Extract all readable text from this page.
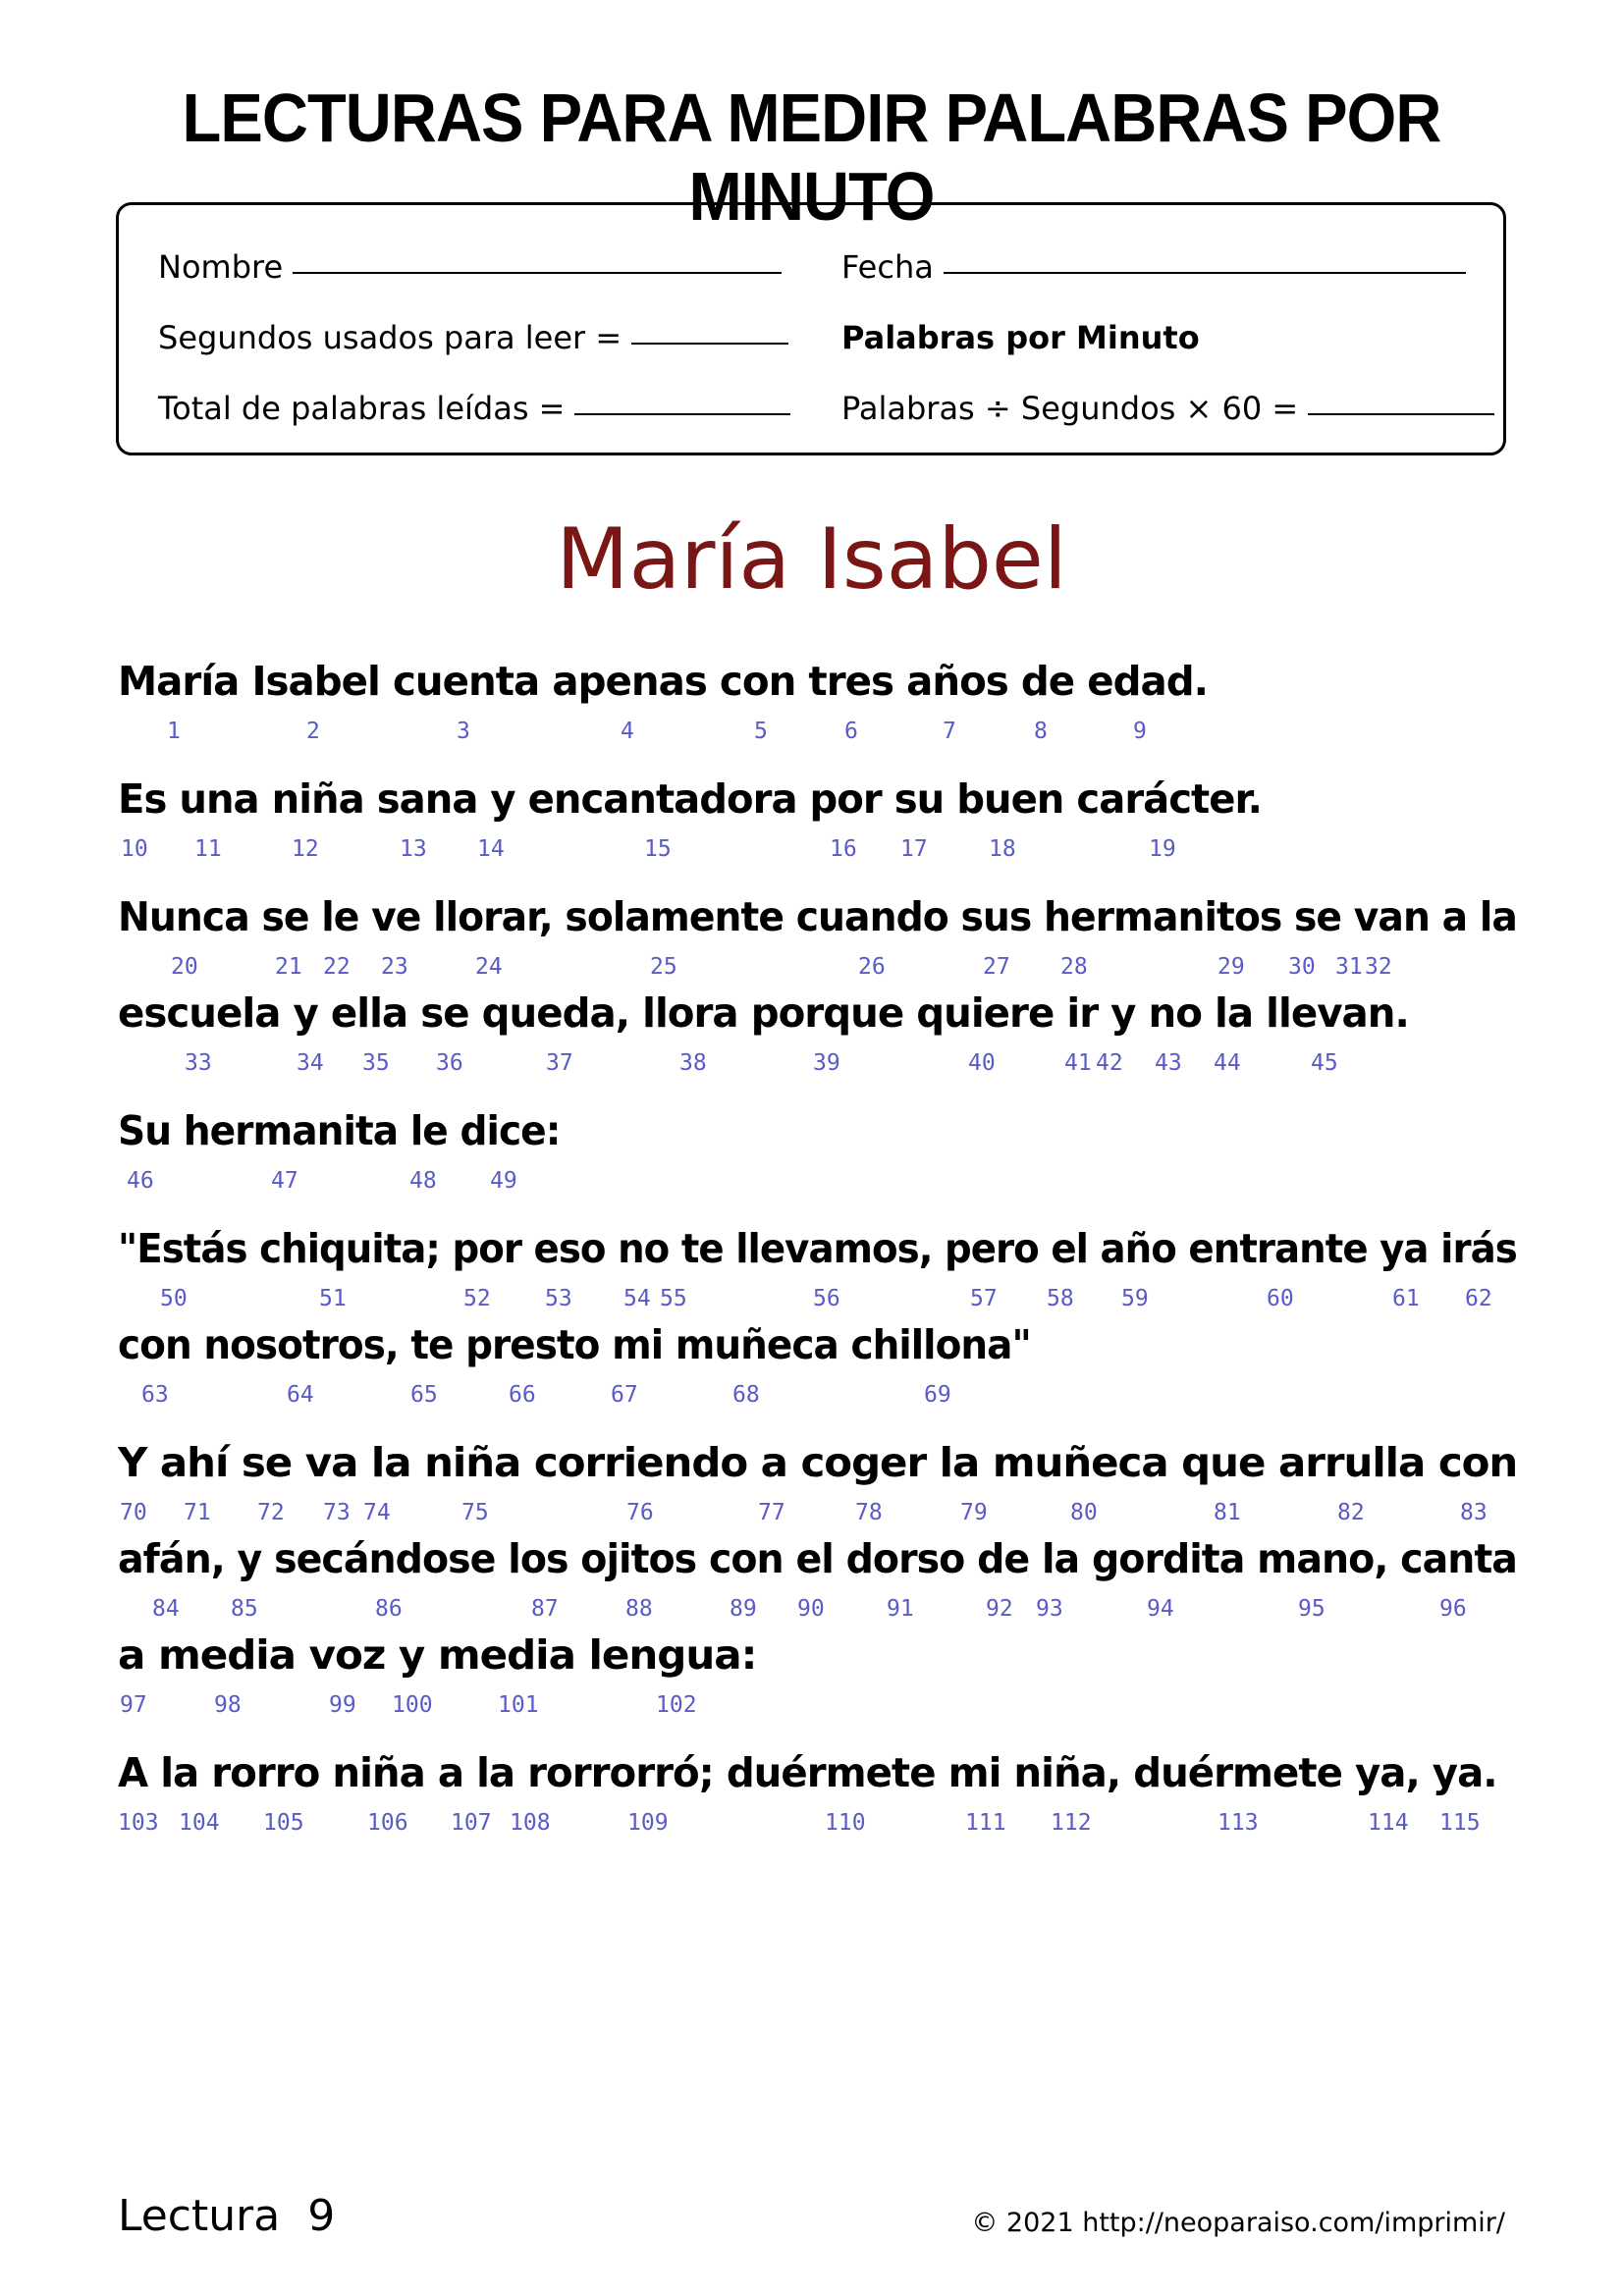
LECTURAS PARA MEDIR PALABRAS POR MINUTO
Nombre	Fecha
Segundos usados para leer =	Palabras por Minuto
Total de palabras leídas =	Palabras ÷ Segundos × 60 =
María Isabel
María Isabel cuenta apenas con tres años de edad.
1	2	3	4	5	6	7	8	9
Es una niña sana y encantadora por su buen carácter.
10 11	12	13 14	15	16 17	18	19
Nunca se le ve llorar, solamente cuando sus hermanitos se van a la
20	21 22 23	24	25	26	27 28	29 30 31 32
escuela y ella se queda, llora porque quiere ir y no la llevan.
33	34 35 36	37	38	39	40	41 42 43 44	45
Su hermanita le dice:
46	47	48 49
"Estás chiquita; por eso no te llevamos, pero el año entrante ya irás
50	51	52 53 54 55	56	57 58 59	60	61 62
con nosotros, te presto mi muñeca chillona"
63	64	65	66	67	68	69
Y ahí se va la niña corriendo a coger la muñeca que arrulla con
70 71 72 73 74	75	76	77	78	79	80	81	82	83
afán, y secándose los ojitos con el dorso de la gordita mano, canta
84 85	86	87	88	89 90	91	92 93	94	95	96
a media voz y media lengua:
97	98	99 100	101	102
A la rorro niña a la rorrorró; duérmete mi niña, duérmete ya, ya.
103 104 105	106 107 108	109	110	111 112	113	114 115
Lectura 9	© 2021 http://neoparaiso.com/imprimir/
